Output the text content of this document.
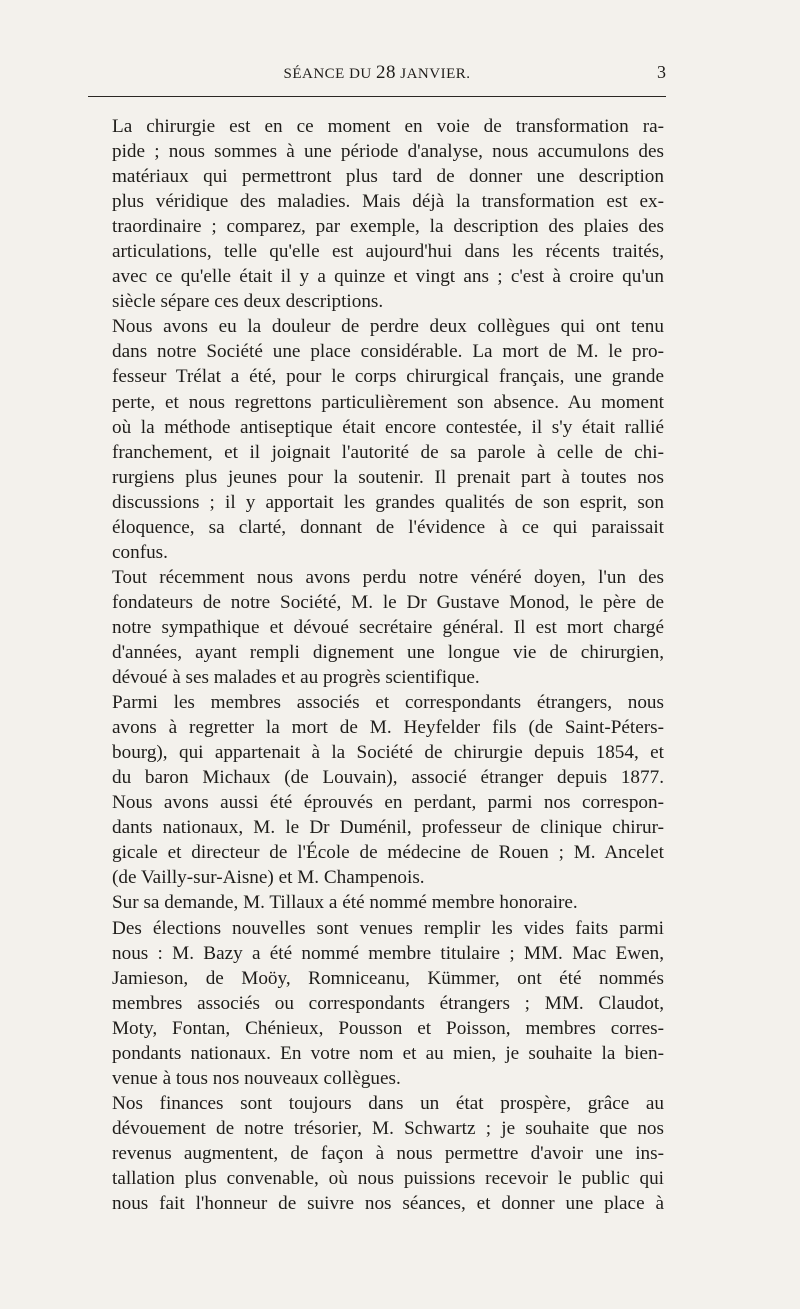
SÉANCE DU 28 JANVIER.	3

La chirurgie est en ce moment en voie de transformation ra-
pide ; nous sommes à une période d'analyse, nous accumulons des
matériaux qui permettront plus tard de donner une description
plus véridique des maladies. Mais déjà la transformation est ex-
traordinaire ; comparez, par exemple, la description des plaies des
articulations, telle qu'elle est aujourd'hui dans les récents traités,
avec ce qu'elle était il y a quinze et vingt ans ; c'est à croire qu'un
siècle sépare ces deux descriptions.

Nous avons eu la douleur de perdre deux collègues qui ont tenu
dans notre Société une place considérable. La mort de M. le pro-
fesseur Trélat a été, pour le corps chirurgical français, une grande
perte, et nous regrettons particulièrement son absence. Au moment
où la méthode antiseptique était encore contestée, il s'y était rallié
franchement, et il joignait l'autorité de sa parole à celle de chi-
rurgiens plus jeunes pour la soutenir. Il prenait part à toutes nos
discussions ; il y apportait les grandes qualités de son esprit, son
éloquence, sa clarté, donnant de l'évidence à ce qui paraissait
confus.

Tout récemment nous avons perdu notre vénéré doyen, l'un des
fondateurs de notre Société, M. le Dr Gustave Monod, le père de
notre sympathique et dévoué secrétaire général. Il est mort chargé
d'années, ayant rempli dignement une longue vie de chirurgien,
dévoué à ses malades et au progrès scientifique.

Parmi les membres associés et correspondants étrangers, nous
avons à regretter la mort de M. Heyfelder fils (de Saint-Péters-
bourg), qui appartenait à la Société de chirurgie depuis 1854, et
du baron Michaux (de Louvain), associé étranger depuis 1877.
Nous avons aussi été éprouvés en perdant, parmi nos correspon-
dants nationaux, M. le Dr Duménil, professeur de clinique chirur-
gicale et directeur de l'École de médecine de Rouen ; M. Ancelet
(de Vailly-sur-Aisne) et M. Champenois.

Sur sa demande, M. Tillaux a été nommé membre honoraire.

Des élections nouvelles sont venues remplir les vides faits parmi
nous : M. Bazy a été nommé membre titulaire ; MM. Mac Ewen,
Jamieson, de Moöy, Romniceanu, Kümmer, ont été nommés
membres associés ou correspondants étrangers ; MM. Claudot,
Moty, Fontan, Chénieux, Pousson et Poisson, membres corres-
pondants nationaux. En votre nom et au mien, je souhaite la bien-
venue à tous nos nouveaux collègues.

Nos finances sont toujours dans un état prospère, grâce au
dévouement de notre trésorier, M. Schwartz ; je souhaite que nos
revenus augmentent, de façon à nous permettre d'avoir une ins-
tallation plus convenable, où nous puissions recevoir le public qui
nous fait l'honneur de suivre nos séances, et donner une place à
